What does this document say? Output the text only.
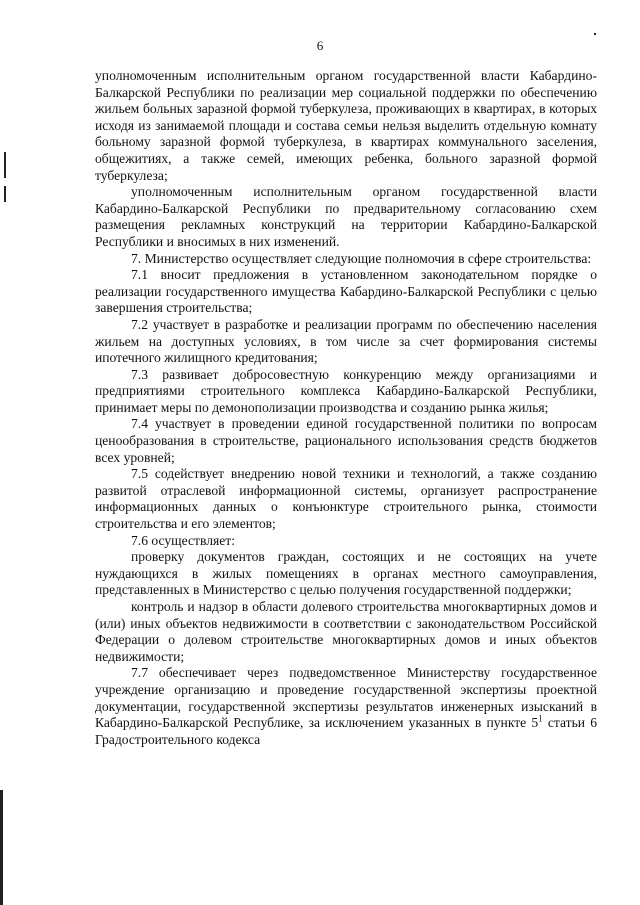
6

уполномоченным исполнительным органом государственной власти Кабардино-Балкарской Республики по реализации мер социальной поддержки по обеспечению жильем больных заразной формой туберкулеза, проживающих в квартирах, в которых исходя из занимаемой площади и состава семьи нельзя выделить отдельную комнату больному заразной формой туберкулеза, в квартирах коммунального заселения, общежитиях, а также семей, имеющих ребенка, больного заразной формой туберкулеза;

уполномоченным исполнительным органом государственной власти Кабардино-Балкарской Республики по предварительному согласованию схем размещения рекламных конструкций на территории Кабардино-Балкарской Республики и вносимых в них изменений.

7. Министерство осуществляет следующие полномочия в сфере строительства:

7.1 вносит предложения в установленном законодательном порядке о реализации государственного имущества Кабардино-Балкарской Республики с целью завершения строительства;

7.2 участвует в разработке и реализации программ по обеспечению населения жильем на доступных условиях, в том числе за счет формирования системы ипотечного жилищного кредитования;

7.3 развивает добросовестную конкуренцию между организациями и предприятиями строительного комплекса Кабардино-Балкарской Республики, принимает меры по демонополизации производства и созданию рынка жилья;

7.4 участвует в проведении единой государственной политики по вопросам ценообразования в строительстве, рационального использования средств бюджетов всех уровней;

7.5 содействует внедрению новой техники и технологий, а также созданию развитой отраслевой информационной системы, организует распространение информационных данных о конъюнктуре строительного рынка, стоимости строительства и его элементов;

7.6 осуществляет:

проверку документов граждан, состоящих и не состоящих на учете нуждающихся в жилых помещениях в органах местного самоуправления, представленных в Министерство с целью получения государственной поддержки;

контроль и надзор в области долевого строительства многоквартирных домов и (или) иных объектов недвижимости в соответствии с законодательством Российской Федерации о долевом строительстве многоквартирных домов и иных объектов недвижимости;

7.7 обеспечивает через подведомственное Министерству государственное учреждение организацию и проведение государственной экспертизы проектной документации, государственной экспертизы результатов инженерных изысканий в Кабардино-Балкарской Республике, за исключением указанных в пункте $5^1$ статьи 6 Градостроительного кодекса
